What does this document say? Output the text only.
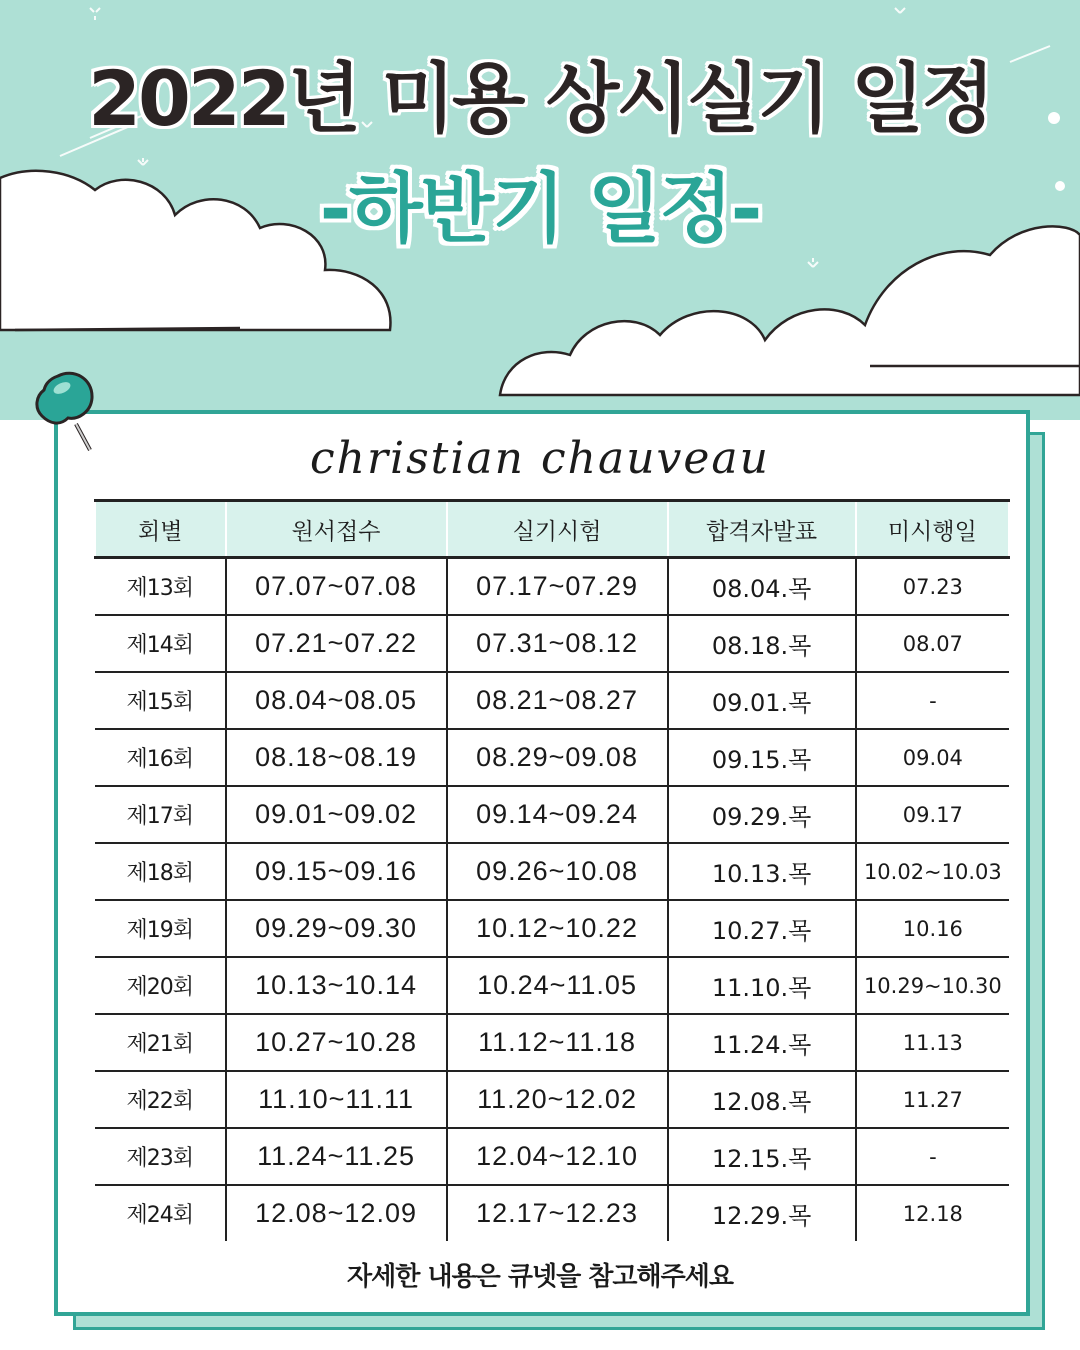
2022년 미용 상시실기 일정
-하반기 일정-
christian chauveau
회별	원서접수	실기시험	합격자발표	미시행일
제13회	07.07~07.08	07.17~07.29	08.04.목	07.23
제14회	07.21~07.22	07.31~08.12	08.18.목	08.07
제15회	08.04~08.05	08.21~08.27	09.01.목	-
제16회	08.18~08.19	08.29~09.08	09.15.목	09.04
제17회	09.01~09.02	09.14~09.24	09.29.목	09.17
제18회	09.15~09.16	09.26~10.08	10.13.목	10.02~10.03
제19회	09.29~09.30	10.12~10.22	10.27.목	10.16
제20회	10.13~10.14	10.24~11.05	11.10.목	10.29~10.30
제21회	10.27~10.28	11.12~11.18	11.24.목	11.13
제22회	11.10~11.11	11.20~12.02	12.08.목	11.27
제23회	11.24~11.25	12.04~12.10	12.15.목	-
제24회	12.08~12.09	12.17~12.23	12.29.목	12.18
자세한 내용은 큐넷을 참고해주세요
